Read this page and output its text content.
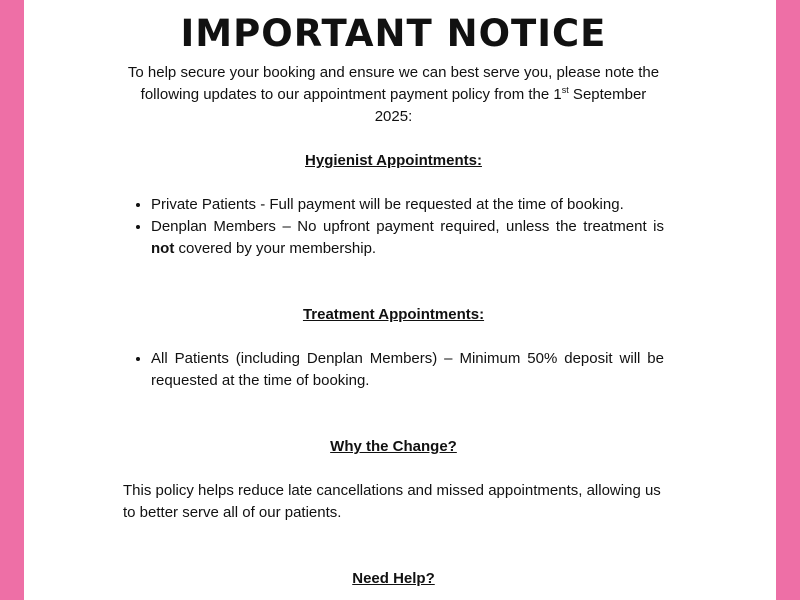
IMPORTANT NOTICE

To help secure your booking and ensure we can best serve you, please note the following updates to our appointment payment policy from the 1st September 2025:

Hygienist Appointments:

• Private Patients - Full payment will be requested at the time of booking.
• Denplan Members – No upfront payment required, unless the treatment is not covered by your membership.

Treatment Appointments:

• All Patients (including Denplan Members) – Minimum 50% deposit will be requested at the time of booking.

Why the Change?

This policy helps reduce late cancellations and missed appointments, allowing us to better serve all of our patients.

Need Help?
